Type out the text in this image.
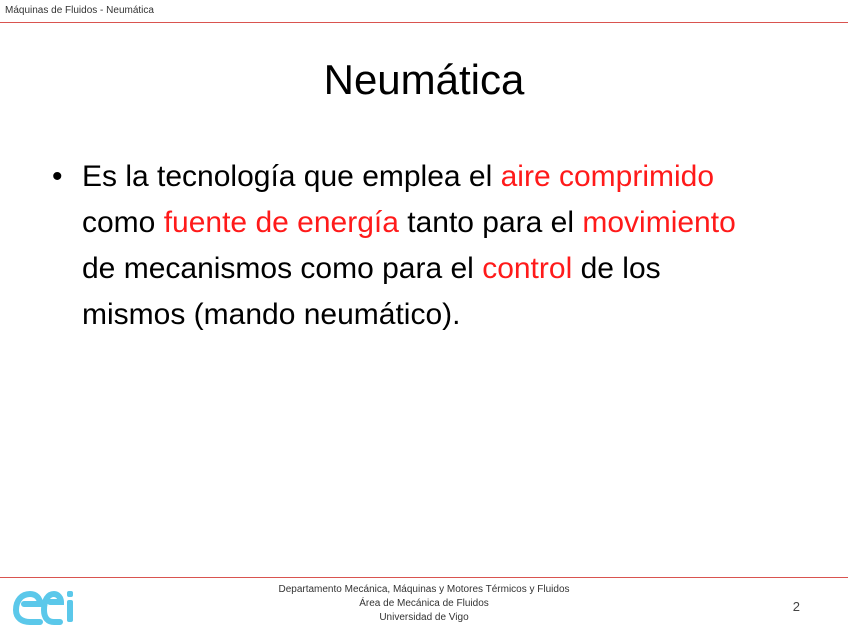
Máquinas de Fluidos - Neumática
Neumática
• Es la tecnología que emplea el aire comprimido como fuente de energía tanto para el movimiento de mecanismos como para el control de los mismos (mando neumático).
Departamento Mecánica, Máquinas y Motores Térmicos y Fluidos
Área de Mecánica de Fluidos
Universidad de Vigo
2
